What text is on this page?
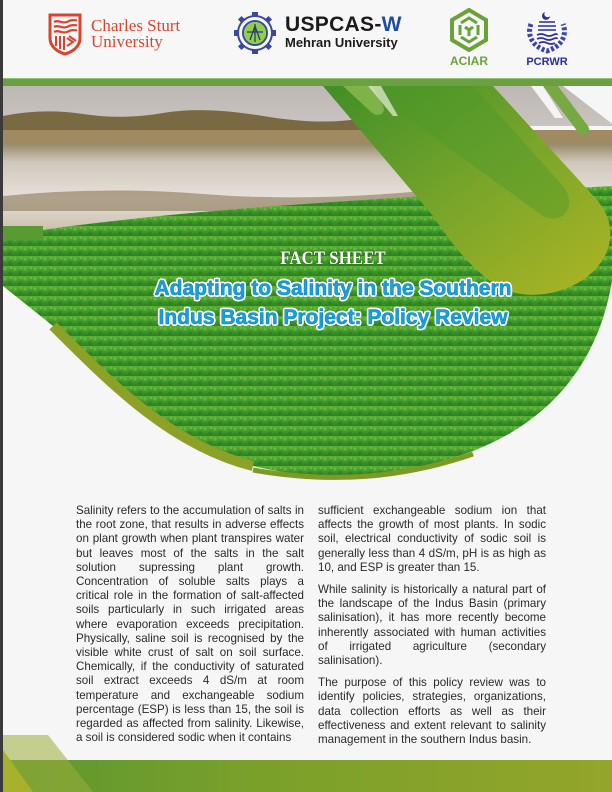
Charles Sturt
University
USPCAS-W
Mehran University
ACIAR	PCRWR
FACT SHEET
Adapting to Salinity in the Southern
Indus Basin Project: Policy Review

Salinity refers to the accumulation of salts in the root zone, that results in adverse effects on plant growth when plant transpires water but leaves most of the salts in the salt solution supressing plant growth. Concentration of soluble salts plays a critical role in the formation of salt-affected soils particularly in such irrigated areas where evaporation exceeds precipitation. Physically, saline soil is recognised by the visible white crust of salt on soil surface. Chemically, if the conductivity of saturated soil extract exceeds 4 dS/m at room temperature and exchangeable sodium percentage (ESP) is less than 15, the soil is regarded as affected from salinity. Likewise, a soil is considered sodic when it contains

sufficient exchangeable sodium ion that affects the growth of most plants. In sodic soil, electrical conductivity of sodic soil is generally less than 4 dS/m, pH is as high as 10, and ESP is greater than 15.

While salinity is historically a natural part of the landscape of the Indus Basin (primary salinisation), it has more recently become inherently associated with human activities of irrigated agriculture (secondary salinisation).

The purpose of this policy review was to identify policies, strategies, organizations, data collection efforts as well as their effectiveness and extent relevant to salinity management in the southern Indus basin.
